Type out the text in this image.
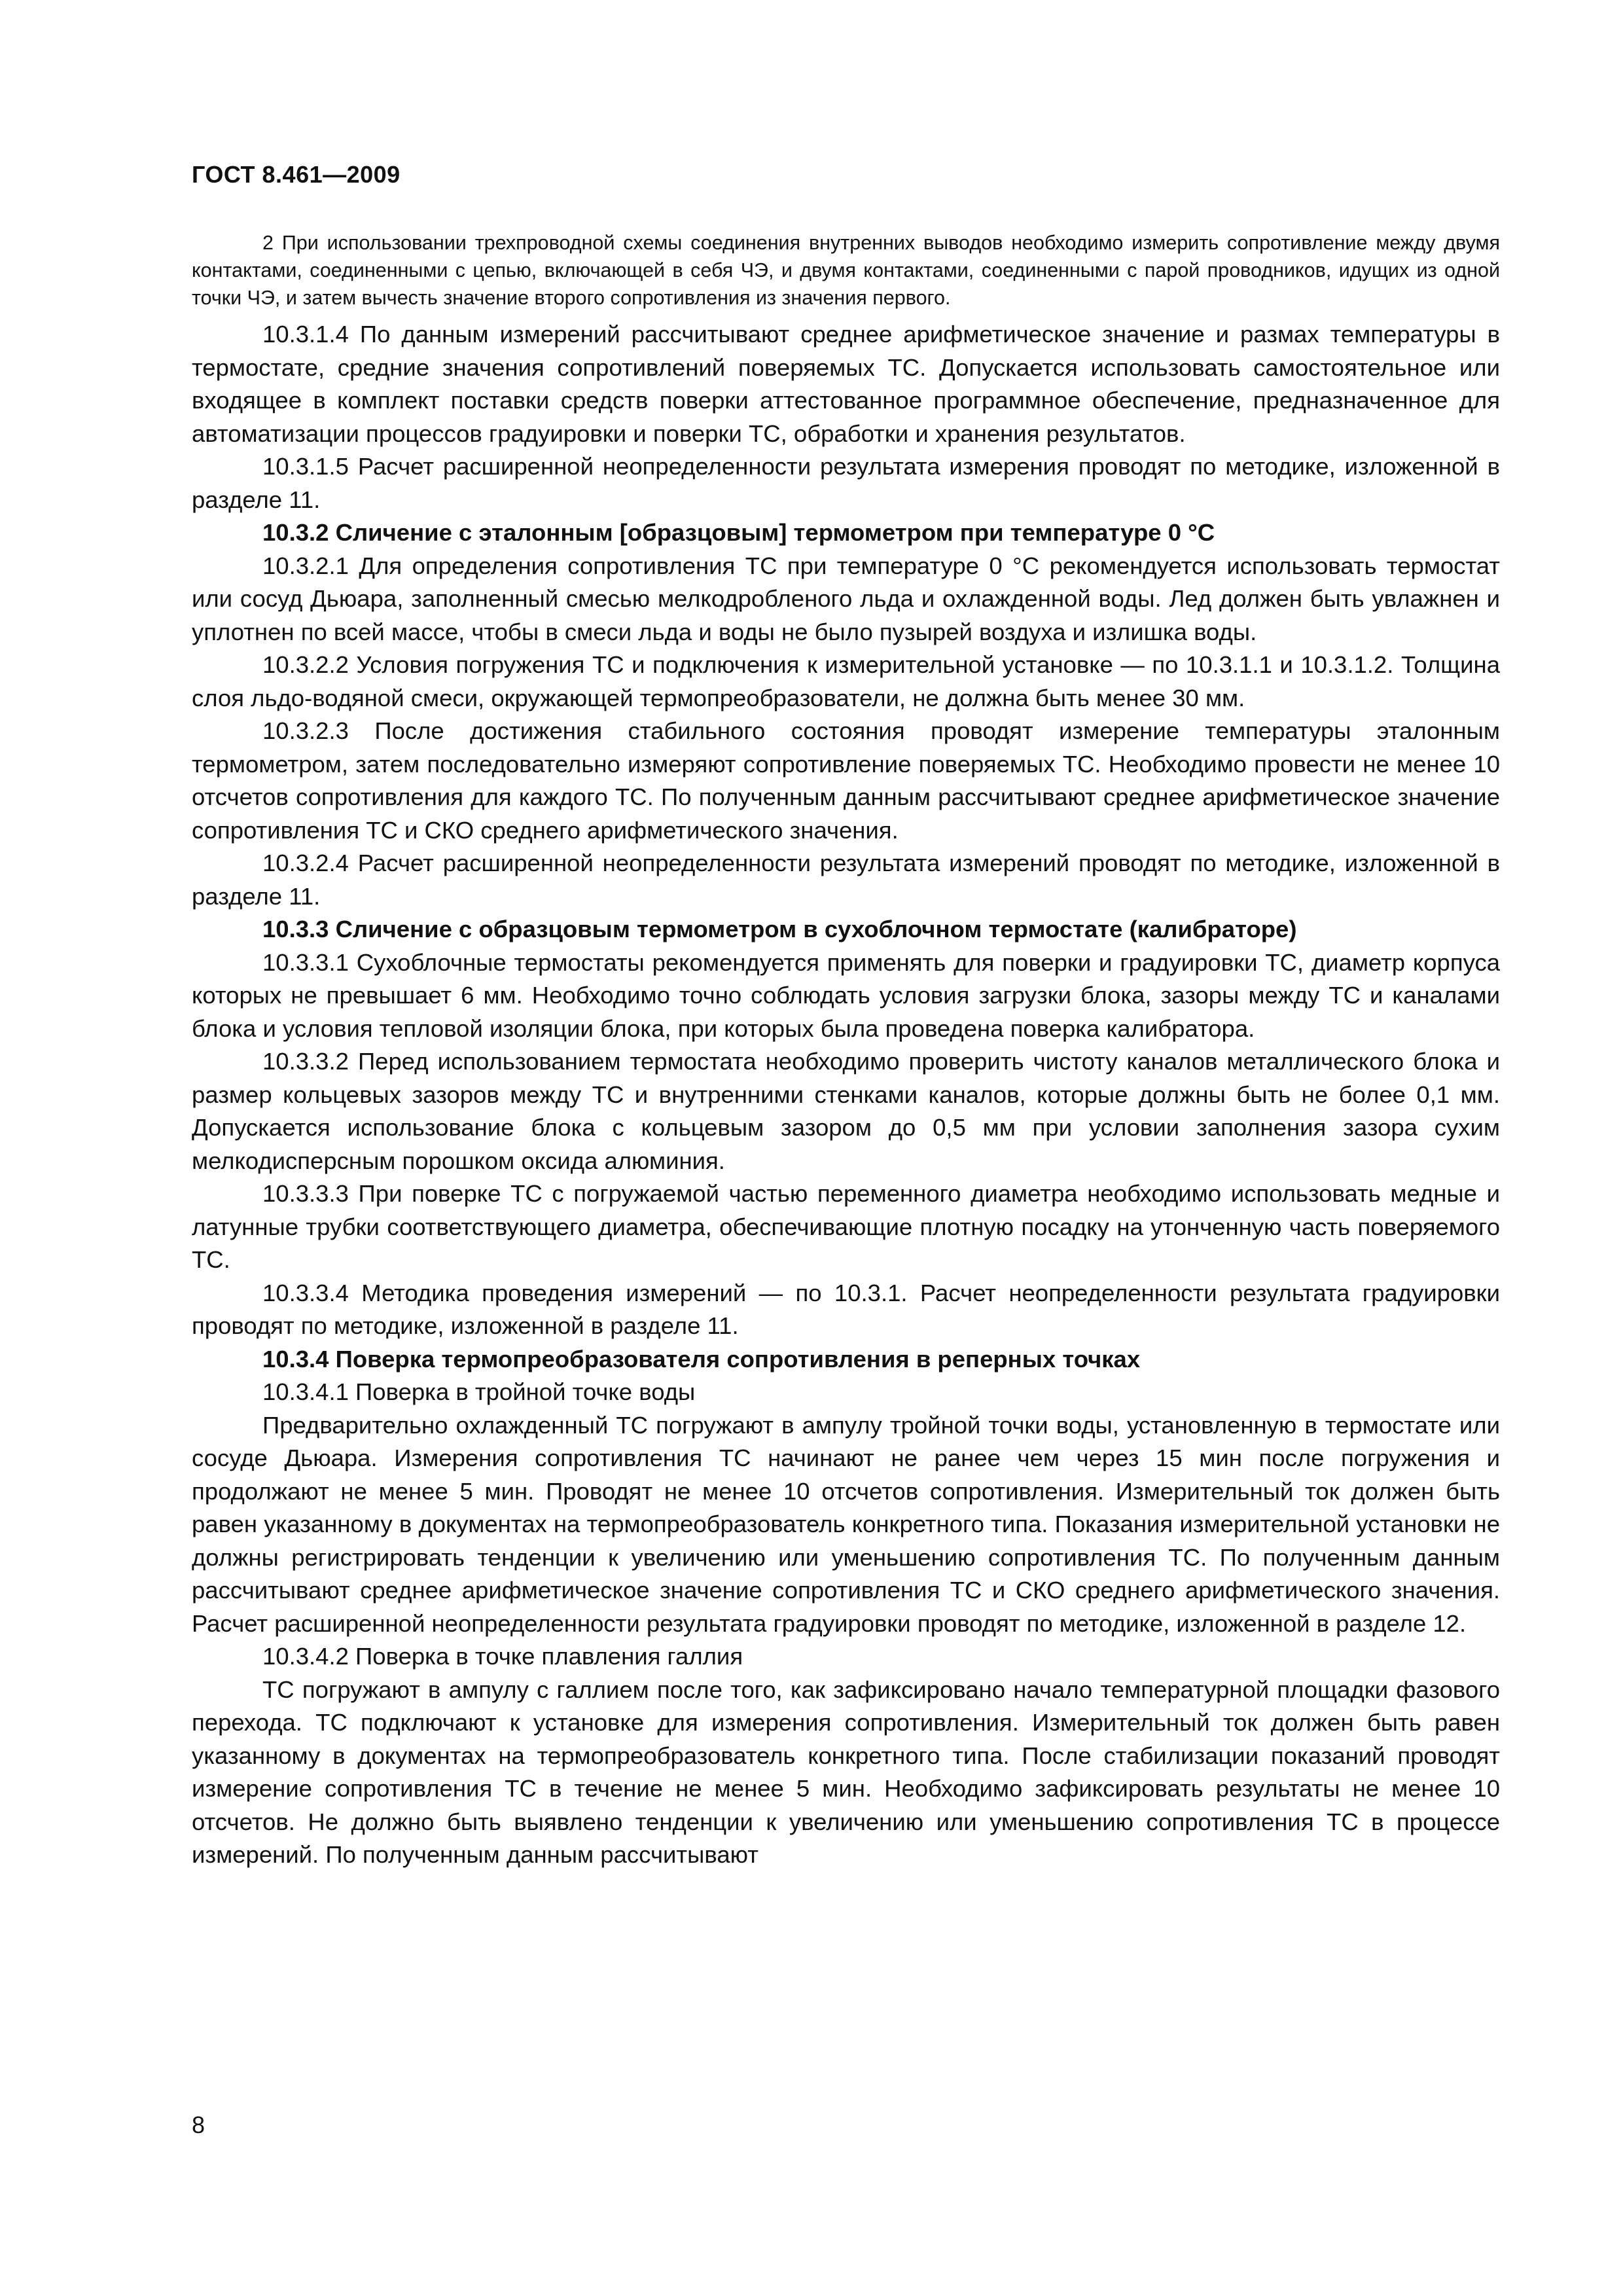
ГОСТ 8.461—2009

2 При использовании трехпроводной схемы соединения внутренних выводов необходимо измерить сопротивление между двумя контактами, соединенными с цепью, включающей в себя ЧЭ, и двумя контактами, соединенными с парой проводников, идущих из одной точки ЧЭ, и затем вычесть значение второго сопротивления из значения первого.

10.3.1.4 По данным измерений рассчитывают среднее арифметическое значение и размах температуры в термостате, средние значения сопротивлений поверяемых ТС. Допускается использовать самостоятельное или входящее в комплект поставки средств поверки аттестованное программное обеспечение, предназначенное для автоматизации процессов градуировки и поверки ТС, обработки и хранения результатов.

10.3.1.5 Расчет расширенной неопределенности результата измерения проводят по методике, изложенной в разделе 11.

10.3.2 Сличение с эталонным [образцовым] термометром при температуре 0 °С

10.3.2.1 Для определения сопротивления ТС при температуре 0 °С рекомендуется использовать термостат или сосуд Дьюара, заполненный смесью мелкодробленого льда и охлажденной воды. Лед должен быть увлажнен и уплотнен по всей массе, чтобы в смеси льда и воды не было пузырей воздуха и излишка воды.

10.3.2.2 Условия погружения ТС и подключения к измерительной установке — по 10.3.1.1 и 10.3.1.2. Толщина слоя льдо-водяной смеси, окружающей термопреобразователи, не должна быть менее 30 мм.

10.3.2.3 После достижения стабильного состояния проводят измерение температуры эталонным термометром, затем последовательно измеряют сопротивление поверяемых ТС. Необходимо провести не менее 10 отсчетов сопротивления для каждого ТС. По полученным данным рассчитывают среднее арифметическое значение сопротивления ТС и СКО среднего арифметического значения.

10.3.2.4 Расчет расширенной неопределенности результата измерений проводят по методике, изложенной в разделе 11.

10.3.3 Сличение с образцовым термометром в сухоблочном термостате (калибраторе)

10.3.3.1 Сухоблочные термостаты рекомендуется применять для поверки и градуировки ТС, диаметр корпуса которых не превышает 6 мм. Необходимо точно соблюдать условия загрузки блока, зазоры между ТС и каналами блока и условия тепловой изоляции блока, при которых была проведена поверка калибратора.

10.3.3.2 Перед использованием термостата необходимо проверить чистоту каналов металлического блока и размер кольцевых зазоров между ТС и внутренними стенками каналов, которые должны быть не более 0,1 мм. Допускается использование блока с кольцевым зазором до 0,5 мм при условии заполнения зазора сухим мелкодисперсным порошком оксида алюминия.

10.3.3.3 При поверке ТС с погружаемой частью переменного диаметра необходимо использовать медные и латунные трубки соответствующего диаметра, обеспечивающие плотную посадку на утонченную часть поверяемого ТС.

10.3.3.4 Методика проведения измерений — по 10.3.1. Расчет неопределенности результата градуировки проводят по методике, изложенной в разделе 11.

10.3.4 Поверка термопреобразователя сопротивления в реперных точках

10.3.4.1 Поверка в тройной точке воды

Предварительно охлажденный ТС погружают в ампулу тройной точки воды, установленную в термостате или сосуде Дьюара. Измерения сопротивления ТС начинают не ранее чем через 15 мин после погружения и продолжают не менее 5 мин. Проводят не менее 10 отсчетов сопротивления. Измерительный ток должен быть равен указанному в документах на термопреобразователь конкретного типа. Показания измерительной установки не должны регистрировать тенденции к увеличению или уменьшению сопротивления ТС. По полученным данным рассчитывают среднее арифметическое значение сопротивления ТС и СКО среднего арифметического значения. Расчет расширенной неопределенности результата градуировки проводят по методике, изложенной в разделе 12.

10.3.4.2 Поверка в точке плавления галлия

ТС погружают в ампулу с галлием после того, как зафиксировано начало температурной площадки фазового перехода. ТС подключают к установке для измерения сопротивления. Измерительный ток должен быть равен указанному в документах на термопреобразователь конкретного типа. После стабилизации показаний проводят измерение сопротивления ТС в течение не менее 5 мин. Необходимо зафиксировать результаты не менее 10 отсчетов. Не должно быть выявлено тенденции к увеличению или уменьшению сопротивления ТС в процессе измерений. По полученным данным рассчитывают

8
